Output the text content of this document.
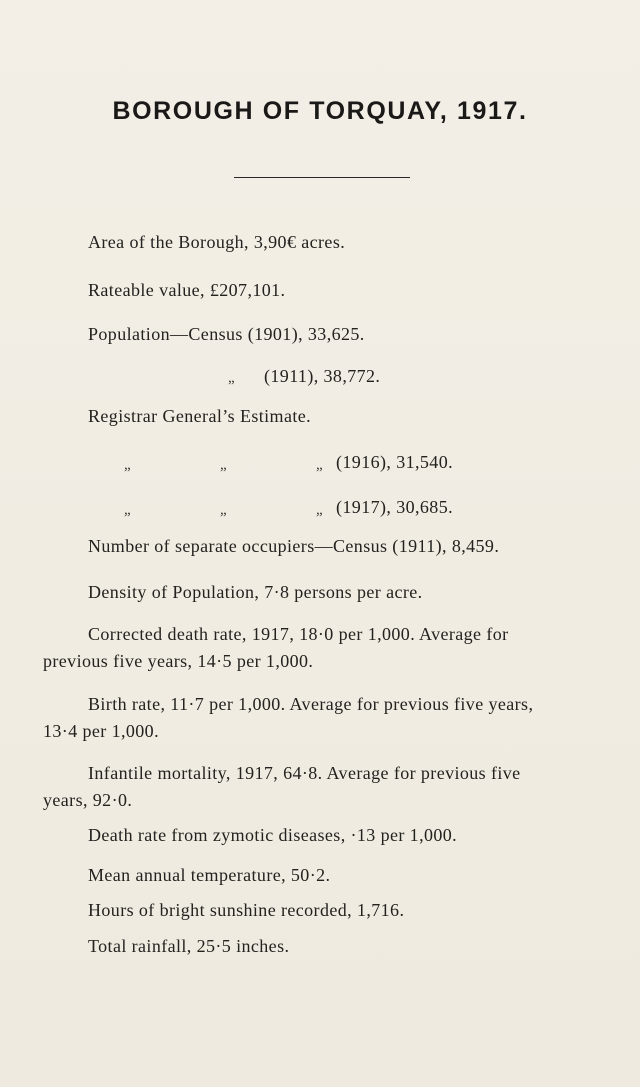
BOROUGH OF TORQUAY, 1917.
Area of the Borough, 3,90€ acres.
Rateable value, £207,101.
Population—Census (1901), 33,625.
„ (1911), 38,772.
Registrar General’s Estimate.
„	„	„ (1916), 31,540.
„	„	„ (1917), 30,685.
Number of separate occupiers—Census (1911), 8,459.
Density of Population, 7·8 persons per acre.
Corrected death rate, 1917, 18·0 per 1,000. Average for
previous five years, 14·5 per 1,000.
Birth rate, 11·7 per 1,000. Average for previous five years,
13·4 per 1,000.
Infantile mortality, 1917, 64·8. Average for previous five
years, 92·0.
Death rate from zymotic diseases, ·13 per 1,000.
Mean annual temperature, 50·2.
Hours of bright sunshine recorded, 1,716.
Total rainfall, 25·5 inches.
